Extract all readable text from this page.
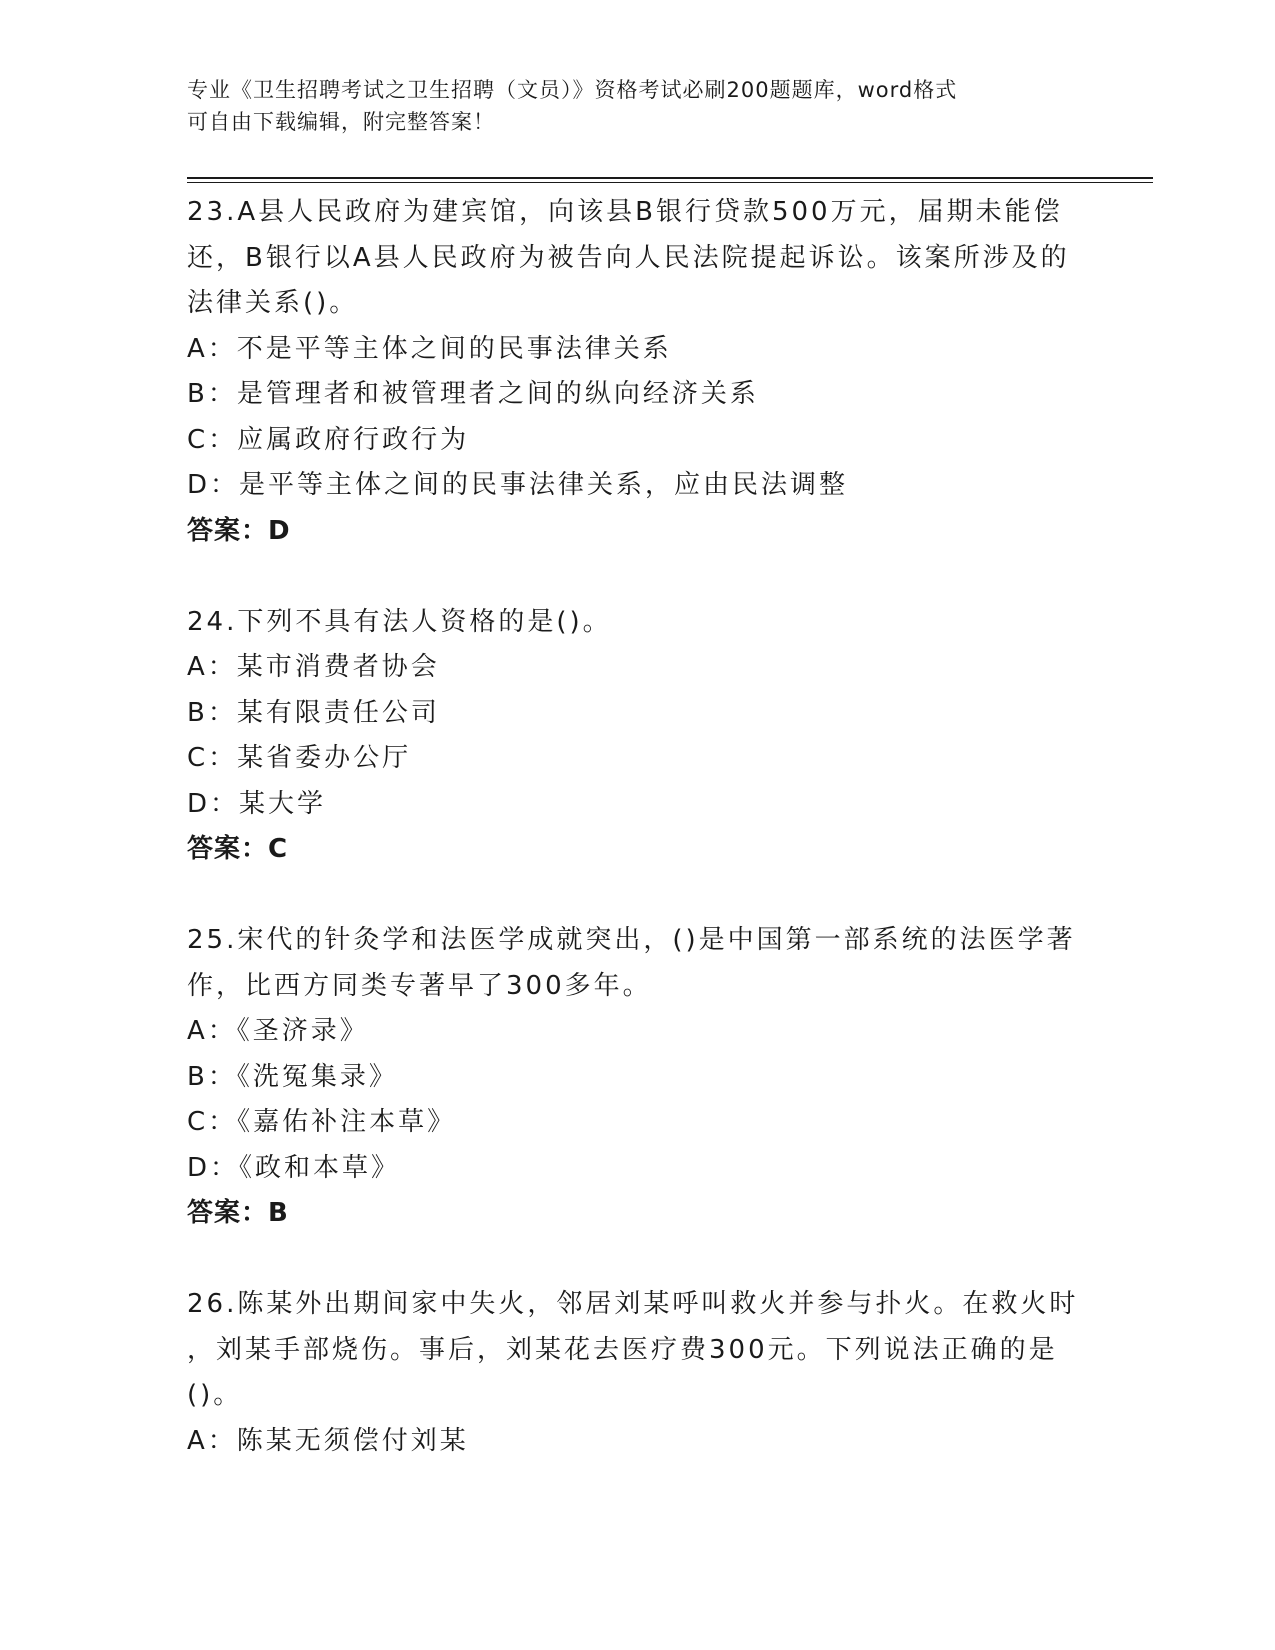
专业《卫生招聘考试之卫生招聘（文员）》资格考试必刷200题题库，word格式
可自由下载编辑，附完整答案！
23.A县人民政府为建宾馆，向该县B银行贷款500万元，届期未能偿
还，B银行以A县人民政府为被告向人民法院提起诉讼。该案所涉及的
法律关系()。
A：不是平等主体之间的民事法律关系
B：是管理者和被管理者之间的纵向经济关系
C：应属政府行政行为
D：是平等主体之间的民事法律关系，应由民法调整
答案：D
24.下列不具有法人资格的是()。
A：某市消费者协会
B：某有限责任公司
C：某省委办公厅
D：某大学
答案：C
25.宋代的针灸学和法医学成就突出，()是中国第一部系统的法医学著
作，比西方同类专著早了300多年。
A：《圣济录》
B：《洗冤集录》
C：《嘉佑补注本草》
D：《政和本草》
答案：B
26.陈某外出期间家中失火，邻居刘某呼叫救火并参与扑火。在救火时
，刘某手部烧伤。事后，刘某花去医疗费300元。下列说法正确的是
()。
A：陈某无须偿付刘某
